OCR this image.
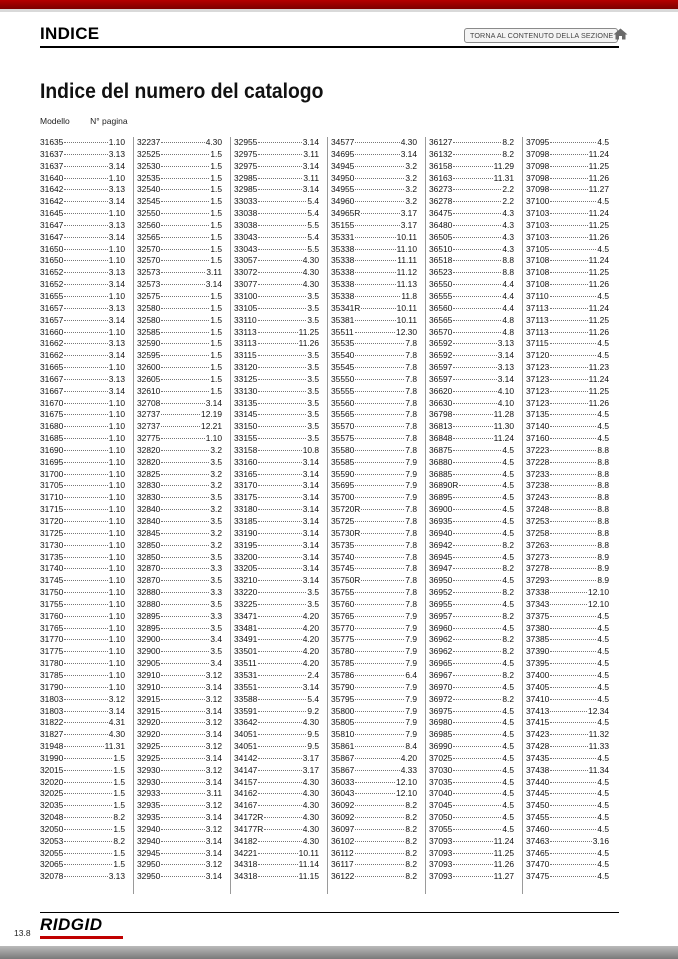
INDICE	TORNA AL CONTENUTO DELLA SEZIONE
Indice del numero del catalogo
Modello N° pagina
31635	1.10
31637	3.13
31637	3.14
31640	1.10
31642	3.13
31642	3.14
31645	1.10
31647	3.13
31647	3.14
31650	1.10
31650	1.10
31652	3.13
31652	3.14
31655	1.10
31657	3.13
31657	3.14
31660	1.10
31662	3.13
31662	3.14
31665	1.10
31667	3.13
31667	3.14
31670	1.10
31675	1.10
31680	1.10
31685	1.10
31690	1.10
31695	1.10
31700	1.10
31705	1.10
31710	1.10
31715	1.10
31720	1.10
31725	1.10
31730	1.10
31735	1.10
31740	1.10
31745	1.10
31750	1.10
31755	1.10
31760	1.10
31765	1.10
31770	1.10
31775	1.10
31780	1.10
31785	1.10
31790	1.10
31803	3.12
31803	3.14
31822	4.31
31827	4.30
31948	11.31
31990	1.5
32015	1.5
32020	1.5
32025	1.5
32035	1.5
32048	8.2
32050	1.5
32053	8.2
32055	1.5
32065	1.5
32078	3.13
32237	4.30
32525	1.5
32530	1.5
32535	1.5
32540	1.5
32545	1.5
32550	1.5
32560	1.5
32565	1.5
32570	1.5
32570	1.5
32573	3.11
32573	3.14
32575	1.5
32580	1.5
32580	1.5
32585	1.5
32590	1.5
32595	1.5
32600	1.5
32605	1.5
32610	1.5
32708	3.14
32737	12.19
32737	12.21
32775	1.10
32820	3.2
32820	3.5
32825	3.2
32830	3.2
32830	3.5
32840	3.2
32840	3.5
32845	3.2
32850	3.2
32850	3.5
32870	3.3
32870	3.5
32880	3.3
32880	3.5
32895	3.3
32895	3.5
32900	3.4
32900	3.5
32905	3.4
32910	3.12
32910	3.14
32915	3.12
32915	3.14
32920	3.12
32920	3.14
32925	3.12
32925	3.14
32930	3.12
32930	3.14
32933	3.11
32935	3.12
32935	3.14
32940	3.12
32940	3.14
32945	3.14
32950	3.12
32950	3.14
32955	3.14
32975	3.11
32975	3.14
32985	3.11
32985	3.14
33033	5.4
33038	5.4
33038	5.5
33043	5.4
33043	5.5
33057	4.30
33072	4.30
33077	4.30
33100	3.5
33105	3.5
33110	3.5
33113	11.25
33113	11.26
33115	3.5
33120	3.5
33125	3.5
33130	3.5
33135	3.5
33145	3.5
33150	3.5
33155	3.5
33158	10.8
33160	3.14
33165	3.14
33170	3.14
33175	3.14
33180	3.14
33185	3.14
33190	3.14
33195	3.14
33200	3.14
33205	3.14
33210	3.14
33220	3.5
33225	3.5
33471	4.20
33481	4.20
33491	4.20
33501	4.20
33511	4.20
33531	2.4
33551	3.14
33588	5.4
33591	9.2
33642	4.30
34051	9.5
34051	9.5
34142	3.17
34147	3.17
34157	4.30
34162	4.30
34167	4.30
34172R	4.30
34177R	4.30
34182	4.30
34221	10.11
34318	11.14
34318	11.15
34577	4.30
34695	3.14
34945	3.2
34950	3.2
34955	3.2
34960	3.2
34965R	3.17
35155	3.17
35331	10.11
35338	11.10
35338	11.11
35338	11.12
35338	11.13
35338	11.8
35341R	10.11
35381	10.11
35511	12.30
35535	7.8
35540	7.8
35545	7.8
35550	7.8
35555	7.8
35560	7.8
35565	7.8
35570	7.8
35575	7.8
35580	7.8
35585	7.9
35590	7.9
35695	7.9
35700	7.9
35720R	7.8
35725	7.8
35730R	7.8
35735	7.8
35740	7.8
35745	7.8
35750R	7.8
35755	7.8
35760	7.8
35765	7.9
35770	7.9
35775	7.9
35780	7.9
35785	7.9
35786	6.4
35790	7.9
35795	7.9
35800	7.9
35805	7.9
35810	7.9
35861	8.4
35867	4.20
35867	4.33
36033	12.10
36043	12.10
36092	8.2
36092	8.2
36097	8.2
36102	8.2
36112	8.2
36117	8.2
36122	8.2
36127	8.2
36132	8.2
36158	11.29
36163	11.31
36273	2.2
36278	2.2
36475	4.3
36480	4.3
36505	4.3
36510	4.3
36518	8.8
36523	8.8
36550	4.4
36555	4.4
36560	4.4
36565	4.8
36570	4.8
36592	3.13
36592	3.14
36597	3.13
36597	3.14
36620	4.10
36630	4.10
36798	11.28
36813	11.30
36848	11.24
36875	4.5
36880	4.5
36885	4.5
36890R	4.5
36895	4.5
36900	4.5
36935	4.5
36940	4.5
36942	8.2
36945	4.5
36947	8.2
36950	4.5
36952	8.2
36955	4.5
36957	8.2
36960	4.5
36962	8.2
36962	8.2
36965	4.5
36967	8.2
36970	4.5
36972	8.2
36975	4.5
36980	4.5
36985	4.5
36990	4.5
37025	4.5
37030	4.5
37035	4.5
37040	4.5
37045	4.5
37050	4.5
37055	4.5
37093	11.24
37093	11.25
37093	11.26
37093	11.27
37095	4.5
37098	11.24
37098	11.25
37098	11.26
37098	11.27
37100	4.5
37103	11.24
37103	11.25
37103	11.26
37105	4.5
37108	11.24
37108	11.25
37108	11.26
37110	4.5
37113	11.24
37113	11.25
37113	11.26
37115	4.5
37120	4.5
37123	11.23
37123	11.24
37123	11.25
37123	11.26
37135	4.5
37140	4.5
37160	4.5
37223	8.8
37228	8.8
37233	8.8
37238	8.8
37243	8.8
37248	8.8
37253	8.8
37258	8.8
37263	8.8
37273	8.9
37278	8.9
37293	8.9
37338	12.10
37343	12.10
37375	4.5
37380	4.5
37385	4.5
37390	4.5
37395	4.5
37400	4.5
37405	4.5
37410	4.5
37413	12.34
37415	4.5
37423	11.32
37428	11.33
37435	4.5
37438	11.34
37440	4.5
37445	4.5
37450	4.5
37455	4.5
37460	4.5
37463	3.16
37465	4.5
37470	4.5
37475	4.5
13.8 RIDGID
